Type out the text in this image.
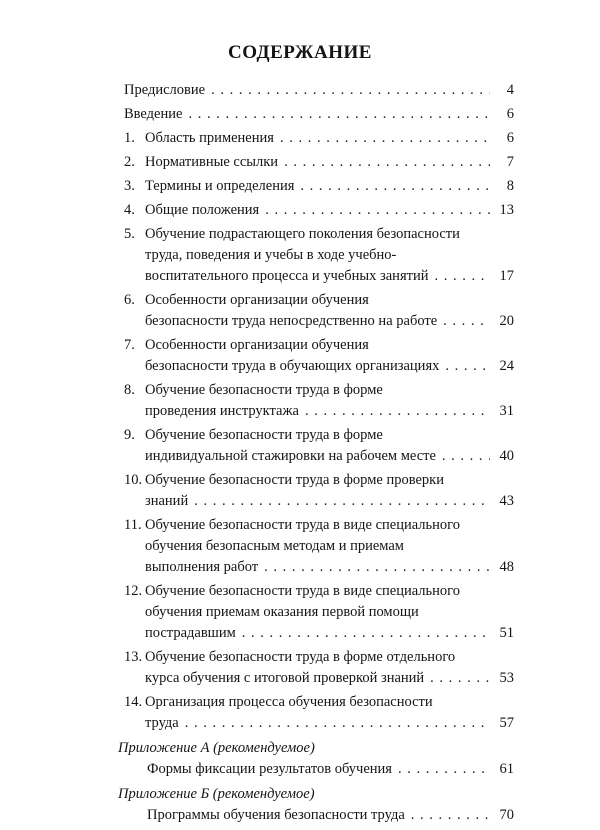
СОДЕРЖАНИЕ
Предисловие . . .	4
Введение . . .	6
1. Область применения . . .	6
2. Нормативные ссылки . . .	7
3. Термины и определения . . .	8
4. Общие положения . . .	13
5. Обучение подрастающего поколения безопасности
труда, поведения и учебы в ходе учебно-
воспитательного процесса и учебных занятий . . .	17
6. Особенности организации обучения
безопасности труда непосредственно на работе . . .	20
7. Особенности организации обучения
безопасности труда в обучающих организациях . . .	24
8. Обучение безопасности труда в форме
проведения инструктажа . . .	31
9. Обучение безопасности труда в форме
индивидуальной стажировки на рабочем месте . . .	40
10. Обучение безопасности труда в форме проверки
знаний . . .	43
11. Обучение безопасности труда в виде специального
обучения безопасным методам и приемам
выполнения работ . . .	48
12. Обучение безопасности труда в виде специального
обучения приемам оказания первой помощи
пострадавшим . . .	51
13. Обучение безопасности труда в форме отдельного
курса обучения с итоговой проверкой знаний . . .	53
14. Организация процесса обучения безопасности
труда . . .	57
Приложение А (рекомендуемое)
Формы фиксации результатов обучения . . .	61
Приложение Б (рекомендуемое)
Программы обучения безопасности труда . . .	70
